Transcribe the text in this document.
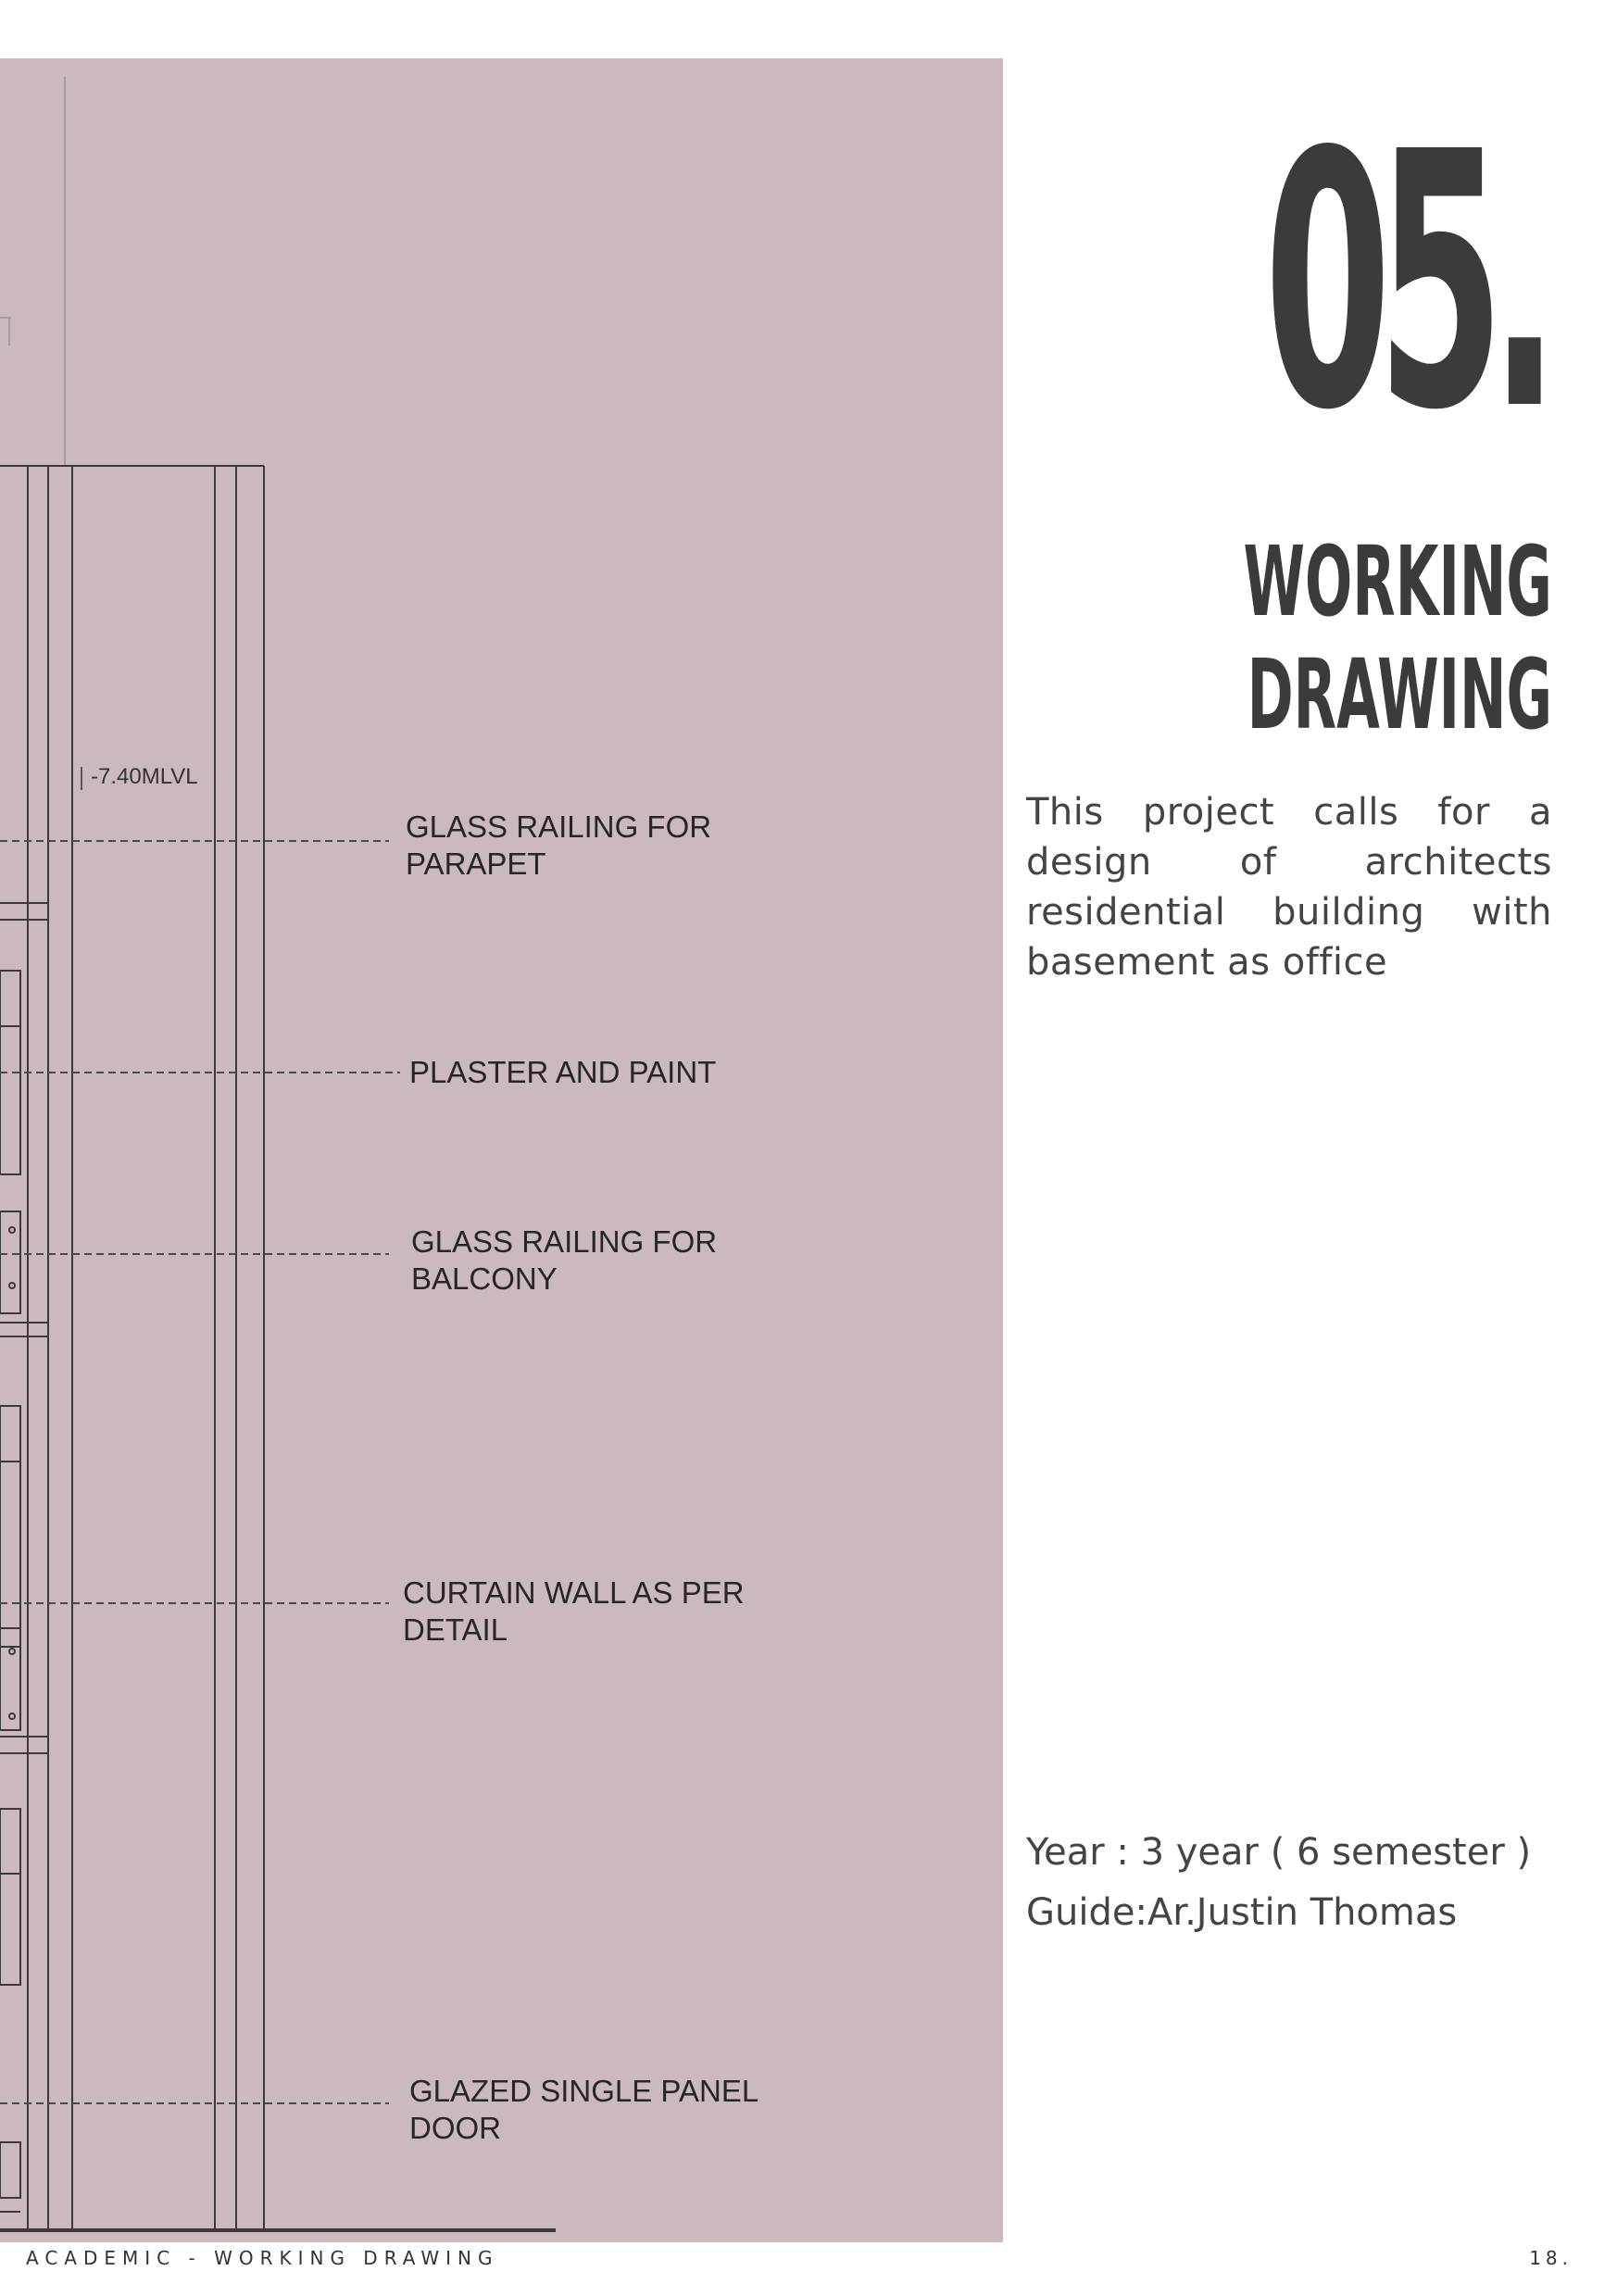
-7.40MLVL
GLASS RAILING FOR
PARAPET
PLASTER AND PAINT
GLASS RAILING FOR
BALCONY
CURTAIN WALL AS PER
DETAIL
GLAZED SINGLE PANEL
DOOR
05.
WORKING
DRAWING
This project calls for a design of architects residential building with basement as office
Year : 3 year ( 6 semester )
Guide:Ar.Justin Thomas
ACADEMIC - WORKING DRAWING	18.
